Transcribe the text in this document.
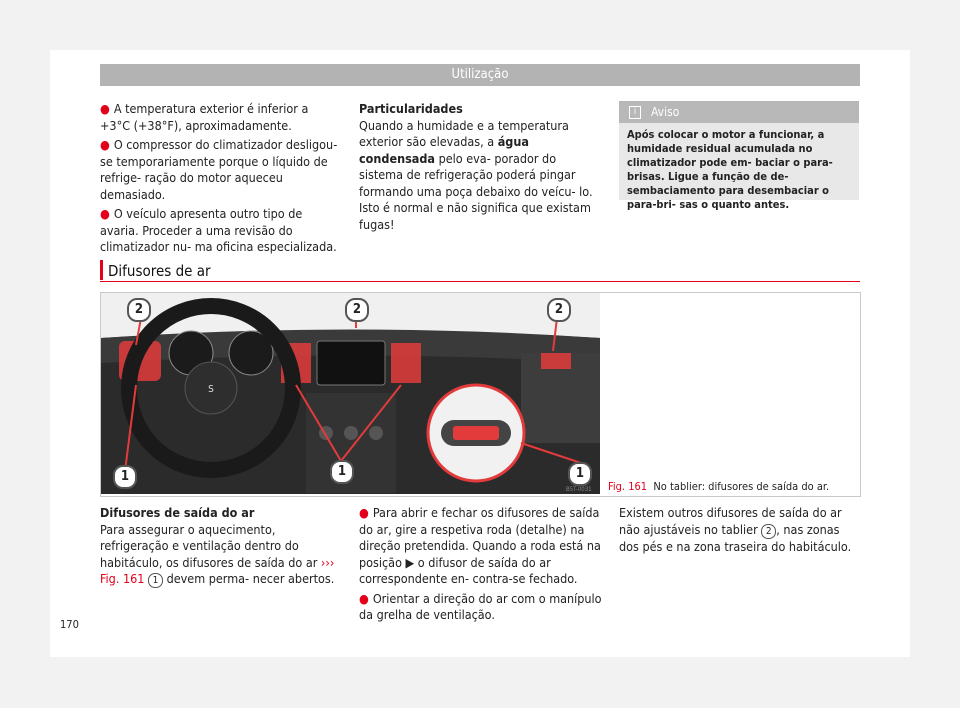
Utilização

● A temperatura exterior é inferior a +3°C (+38°F), aproximadamente.

● O compressor do climatizador desligou-se temporariamente porque o líquido de refrige- ração do motor aqueceu demasiado.

● O veículo apresenta outro tipo de avaria. Proceder a uma revisão do climatizador nu- ma oficina especializada.

Particularidades
Quando a humidade e a temperatura exterior são elevadas, a água condensada pelo eva- porador do sistema de refrigeração poderá pingar formando uma poça debaixo do veícu- lo. Isto é normal e não significa que existam fugas!
i Aviso
Após colocar o motor a funcionar, a humidade residual acumulada no climatizador pode em- baciar o para-brisas. Ligue a função de de- sembaciamento para desembaciar o para-bri- sas o quanto antes.
Difusores de ar
S
2	2	2
1	1	1
B5T-0031 Fig. 161 No tablier: difusores de saída do ar.
Difusores de saída do ar
Para assegurar o aquecimento, refrigeração e ventilação dentro do habitáculo, os difusores de saída do ar ››› Fig. 161 1 devem perma- necer abertos.

● Para abrir e fechar os difusores de saída do ar, gire a respetiva roda (detalhe) na direção pretendida. Quando a roda está na posição ▶ o difusor de saída do ar correspondente en- contra-se fechado.

● Orientar a direção do ar com o manípulo da grelha de ventilação.

Existem outros difusores de saída do ar não ajustáveis no tablier 2 , nas zonas dos pés e na zona traseira do habitáculo.
170
